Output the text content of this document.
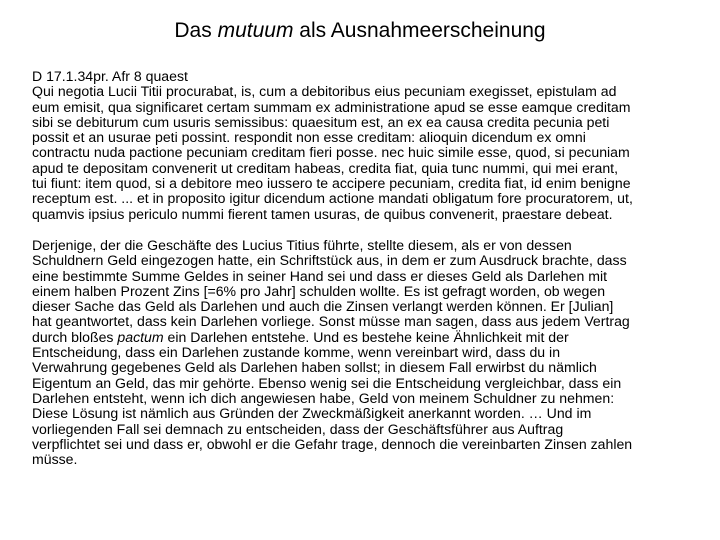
Das mutuum als Ausnahmeerscheinung

D 17.1.34pr. Afr 8 quaest

Qui negotia Lucii Titii procurabat, is, cum a debitoribus eius pecuniam exegisset, epistulam ad

eum emisit, qua significaret certam summam ex administratione apud se esse eamque creditam

sibi se debiturum cum usuris semissibus: quaesitum est, an ex ea causa credita pecunia peti

possit et an usurae peti possint. respondit non esse creditam: alioquin dicendum ex omni

contractu nuda pactione pecuniam creditam fieri posse. nec huic simile esse, quod, si pecuniam

apud te depositam convenerit ut creditam habeas, credita fiat, quia tunc nummi, qui mei erant,

tui fiunt: item quod, si a debitore meo iussero te accipere pecuniam, credita fiat, id enim benigne

receptum est. ... et in proposito igitur dicendum actione mandati obligatum fore procuratorem, ut,

quamvis ipsius periculo nummi fierent tamen usuras, de quibus convenerit, praestare debeat.

Derjenige, der die Geschäfte des Lucius Titius führte, stellte diesem, als er von dessen

Schuldnern Geld eingezogen hatte, ein Schriftstück aus, in dem er zum Ausdruck brachte, dass

eine bestimmte Summe Geldes in seiner Hand sei und dass er dieses Geld als Darlehen mit

einem halben Prozent Zins [=6% pro Jahr] schulden wollte. Es ist gefragt worden, ob wegen

dieser Sache das Geld als Darlehen und auch die Zinsen verlangt werden können. Er [Julian]

hat geantwortet, dass kein Darlehen vorliege. Sonst müsse man sagen, dass aus jedem Vertrag

durch bloßes pactum ein Darlehen entstehe. Und es bestehe keine Ähnlichkeit mit der

Entscheidung, dass ein Darlehen zustande komme, wenn vereinbart wird, dass du in

Verwahrung gegebenes Geld als Darlehen haben sollst; in diesem Fall erwirbst du nämlich

Eigentum an Geld, das mir gehörte. Ebenso wenig sei die Entscheidung vergleichbar, dass ein

Darlehen entsteht, wenn ich dich angewiesen habe, Geld von meinem Schuldner zu nehmen:

Diese Lösung ist nämlich aus Gründen der Zweckmäßigkeit anerkannt worden. … Und im

vorliegenden Fall sei demnach zu entscheiden, dass der Geschäftsführer aus Auftrag

verpflichtet sei und dass er, obwohl er die Gefahr trage, dennoch die vereinbarten Zinsen zahlen

müsse.
